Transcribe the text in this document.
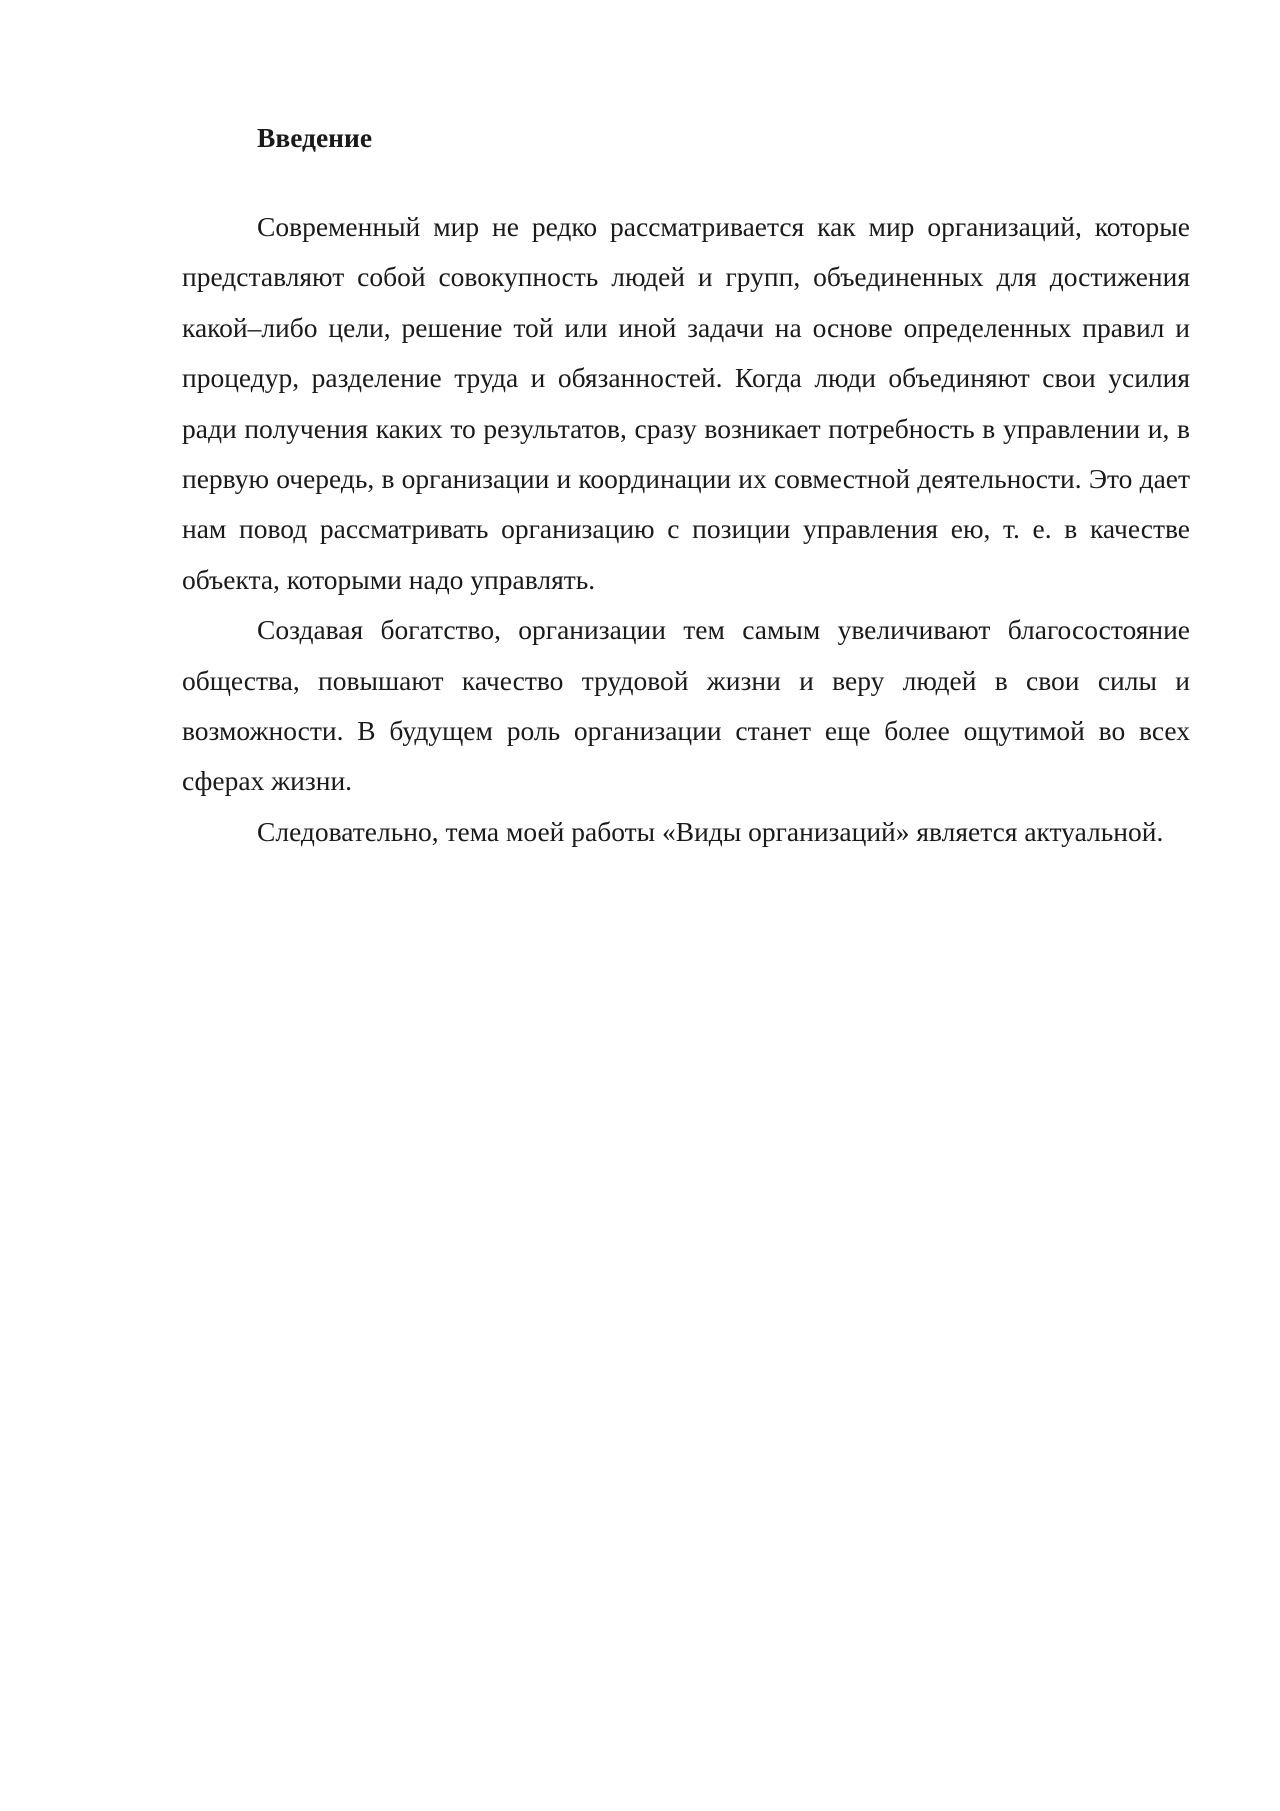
Введение

Современный мир не редко рассматривается как мир организаций, которые представляют собой совокупность людей и групп, объединенных для достижения какой–либо цели, решение той или иной задачи на основе определенных правил и процедур, разделение труда и обязанностей. Когда люди объединяют свои усилия ради получения каких то результатов, сразу возникает потребность в управлении и, в первую очередь, в организации и координации их совместной деятельности. Это дает нам повод рассматривать организацию с позиции управления ею, т. е. в качестве объекта, которыми надо управлять.

Создавая богатство, организации тем самым увеличивают благосостояние общества, повышают качество трудовой жизни и веру людей в свои силы и возможности. В будущем роль организации станет еще более ощутимой во всех сферах жизни.

Следовательно, тема моей работы «Виды организаций» является актуальной.
